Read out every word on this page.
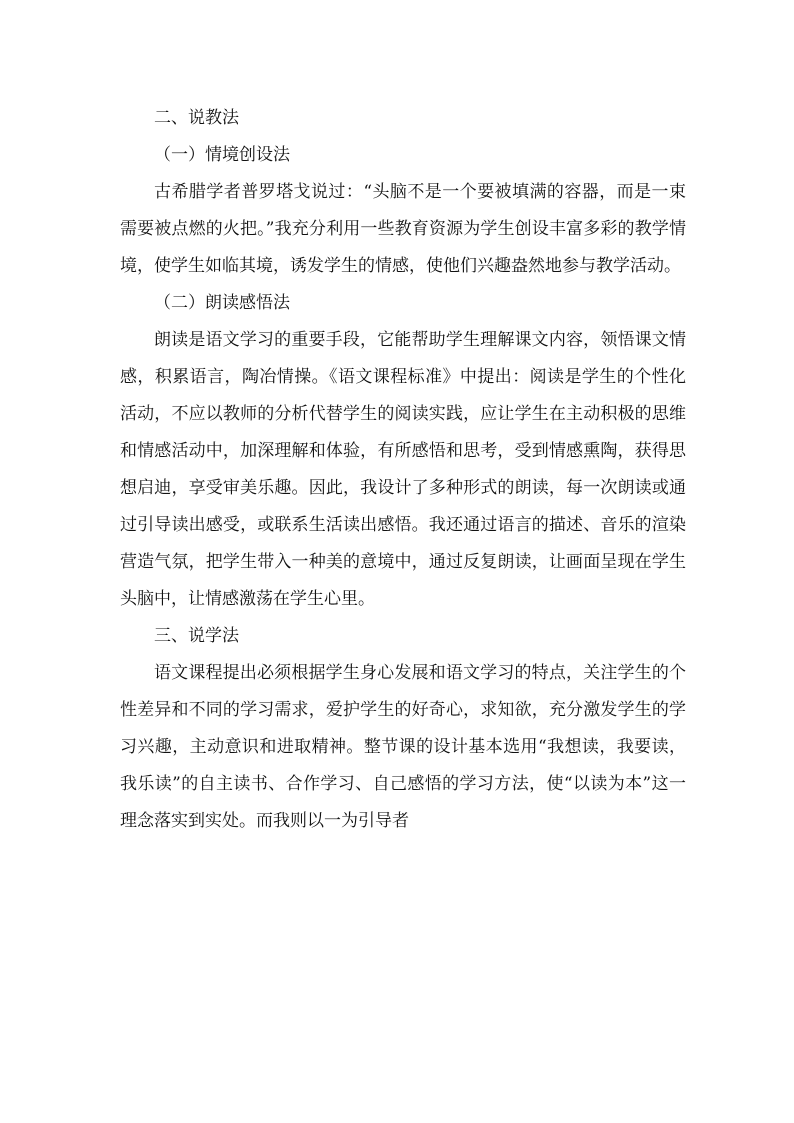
二、说教法

（一）情境创设法

古希腊学者普罗塔戈说过：“头脑不是一个要被填满的容器，而是一束需要被点燃的火把。”我充分利用一些教育资源为学生创设丰富多彩的教学情境，使学生如临其境，诱发学生的情感，使他们兴趣盎然地参与教学活动。

（二）朗读感悟法

朗读是语文学习的重要手段，它能帮助学生理解课文内容，领悟课文情感，积累语言，陶冶情操。《语文课程标准》中提出：阅读是学生的个性化活动，不应以教师的分析代替学生的阅读实践，应让学生在主动积极的思维和情感活动中，加深理解和体验，有所感悟和思考，受到情感熏陶，获得思想启迪，享受审美乐趣。因此，我设计了多种形式的朗读，每一次朗读或通过引导读出感受，或联系生活读出感悟。我还通过语言的描述、音乐的渲染营造气氛，把学生带入一种美的意境中，通过反复朗读，让画面呈现在学生头脑中，让情感激荡在学生心里。

三、说学法

语文课程提出必须根据学生身心发展和语文学习的特点，关注学生的个性差异和不同的学习需求，爱护学生的好奇心，求知欲，充分激发学生的学习兴趣，主动意识和进取精神。整节课的设计基本选用“我想读，我要读，我乐读”的自主读书、合作学习、自己感悟的学习方法，使“以读为本”这一理念落实到实处。而我则以一为引导者
